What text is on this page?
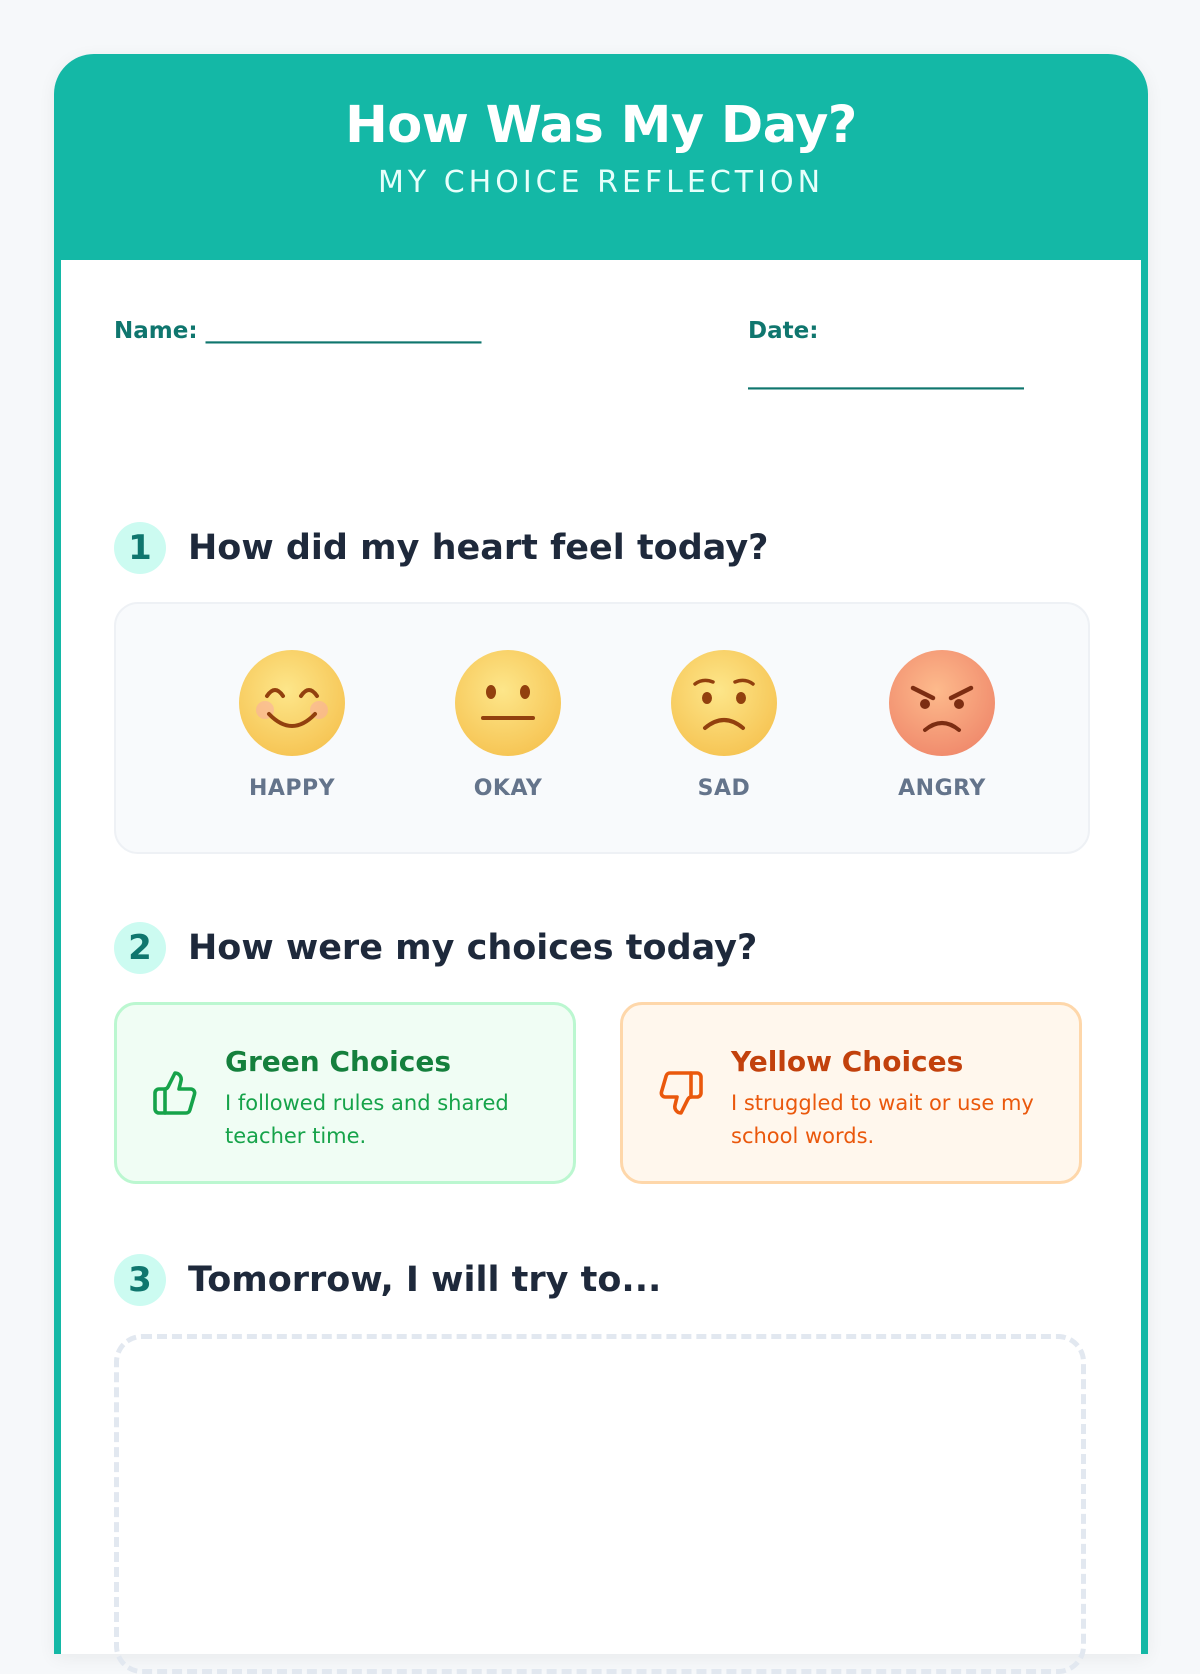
How Was My Day?
MY CHOICE REFLECTION
Name: ________________________	Date:
________________________
1	How did my heart feel today?
HAPPY	OKAY	SAD	ANGRY
2	How were my choices today?
Green Choices
I followed rules and shared teacher time.
Yellow Choices
I struggled to wait or use my school words.
3	Tomorrow, I will try to...
